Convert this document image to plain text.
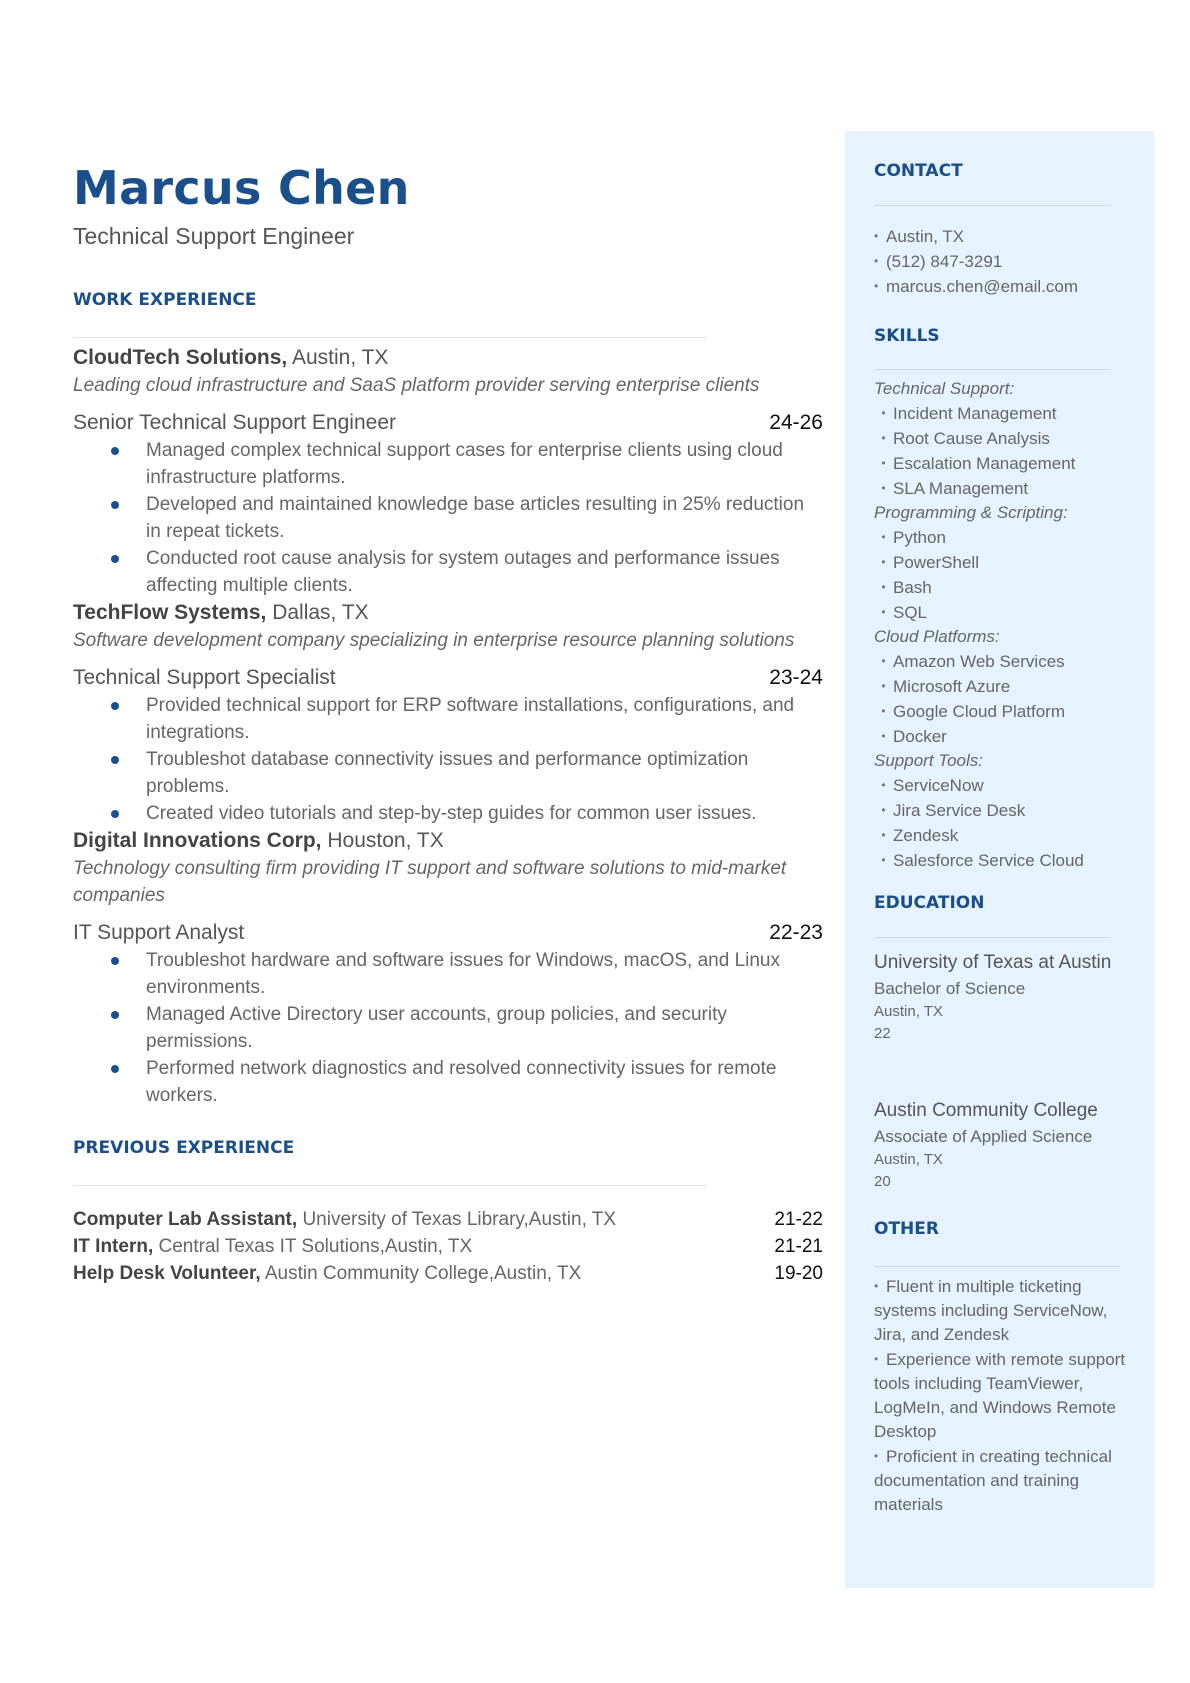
Marcus Chen

Technical Support Engineer

WORK EXPERIENCE

CloudTech Solutions, Austin, TX

Leading cloud infrastructure and SaaS platform provider serving enterprise clients

Senior Technical Support Engineer	24-26
Managed complex technical support cases for enterprise clients using cloud infrastructure platforms.
Developed and maintained knowledge base articles resulting in 25% reduction in repeat tickets.
Conducted root cause analysis for system outages and performance issues affecting multiple clients.

TechFlow Systems, Dallas, TX

Software development company specializing in enterprise resource planning solutions

Technical Support Specialist	23-24
Provided technical support for ERP software installations, configurations, and integrations.
Troubleshot database connectivity issues and performance optimization problems.
Created video tutorials and step-by-step guides for common user issues.

Digital Innovations Corp, Houston, TX

Technology consulting firm providing IT support and software solutions to mid-market companies

IT Support Analyst	22-23
Troubleshot hardware and software issues for Windows, macOS, and Linux environments.
Managed Active Directory user accounts, group policies, and security permissions.
Performed network diagnostics and resolved connectivity issues for remote workers.
PREVIOUS EXPERIENCE
Computer Lab Assistant, University of Texas Library,Austin, TX	21-22
IT Intern, Central Texas IT Solutions,Austin, TX	21-21
Help Desk Volunteer, Austin Community College,Austin, TX	19-20
CONTACT
• Austin, TX
• (512) 847-3291
• marcus.chen@email.com
SKILLS
Technical Support:
• Incident Management
• Root Cause Analysis
• Escalation Management
• SLA Management
Programming & Scripting:
• Python
• PowerShell
• Bash
• SQL
Cloud Platforms:
• Amazon Web Services
• Microsoft Azure
• Google Cloud Platform
• Docker
Support Tools:
• ServiceNow
• Jira Service Desk
• Zendesk
• Salesforce Service Cloud
EDUCATION

University of Texas at Austin

Bachelor of Science

Austin, TX

22

Austin Community College

Associate of Applied Science

Austin, TX

20

OTHER
• Fluent in multiple ticketing systems including ServiceNow, Jira, and Zendesk
• Experience with remote support tools including TeamViewer, LogMeIn, and Windows Remote Desktop
• Proficient in creating technical documentation and training materials
